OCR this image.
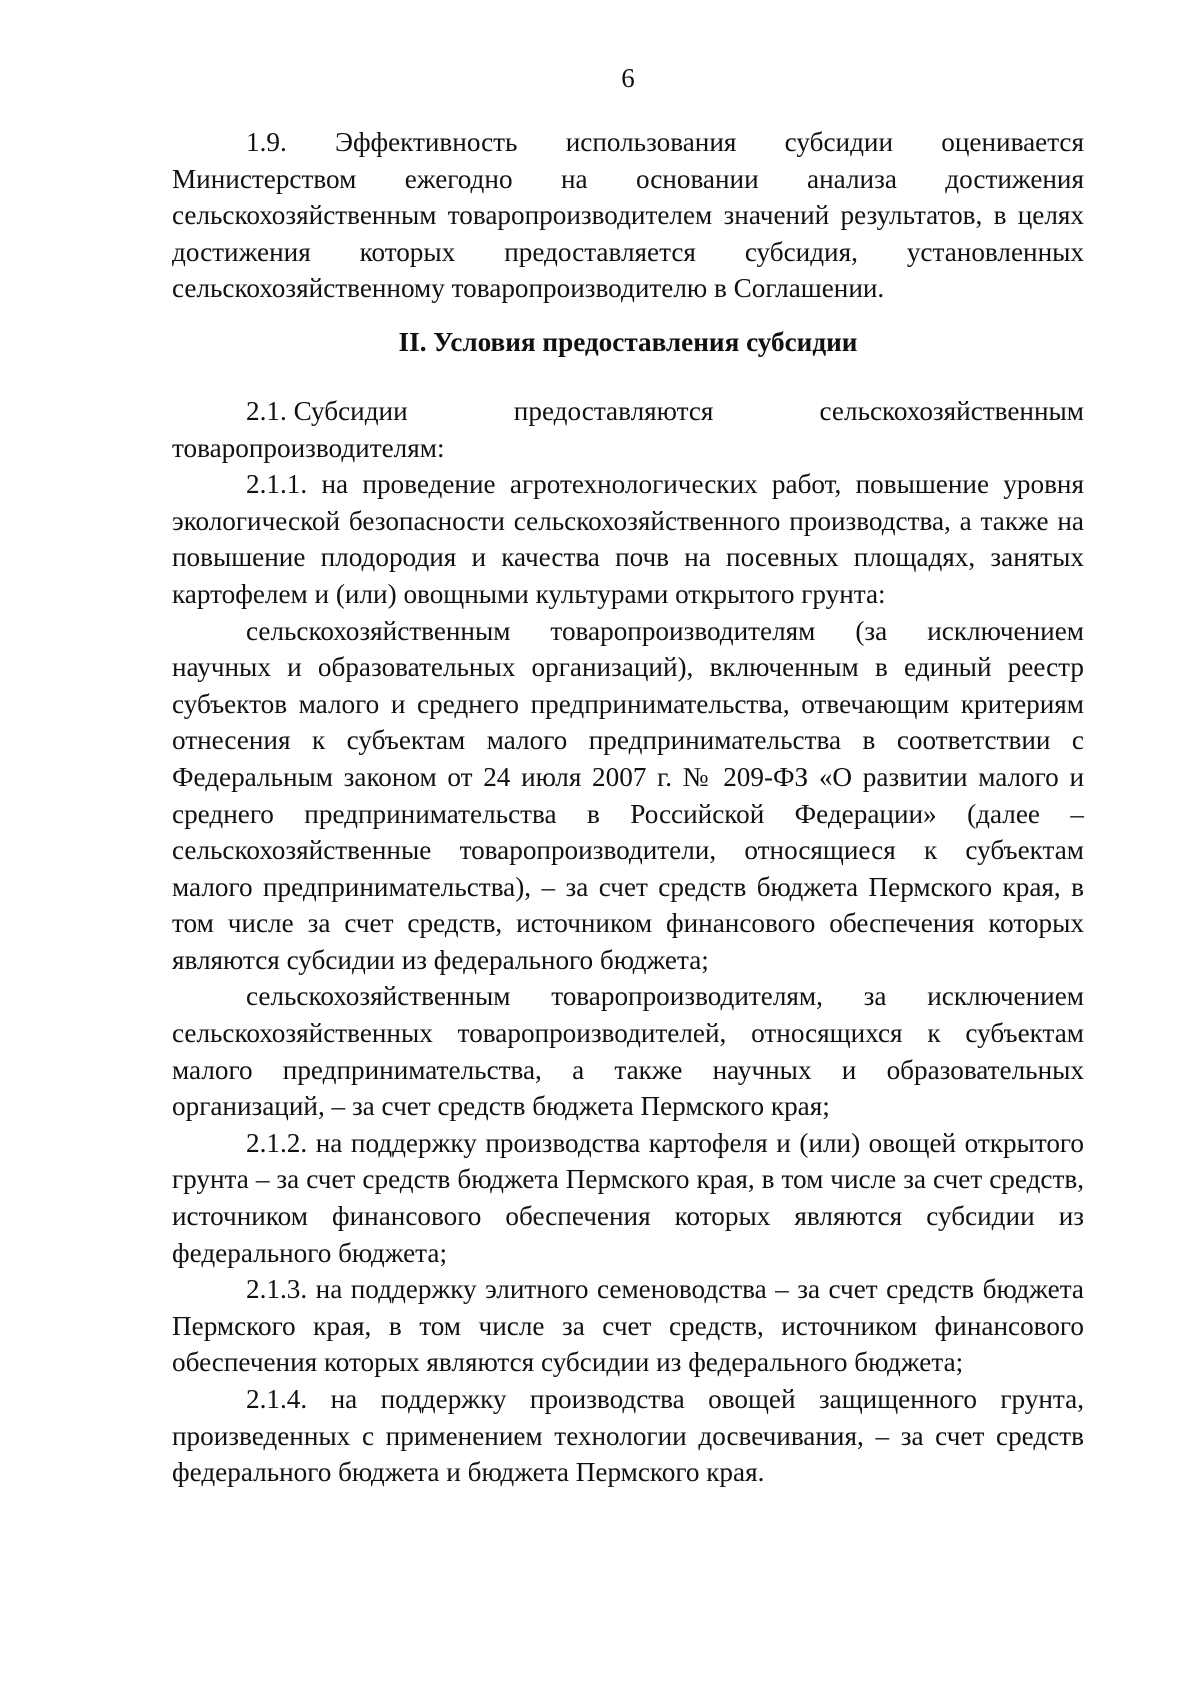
6

1.9. Эффективность использования субсидии оценивается Министерством ежегодно на основании анализа достижения сельскохозяйственным товаропроизводителем значений результатов, в целях достижения которых предоставляется субсидия, установленных сельскохозяйственному товаропроизводителю в Соглашении.

II. Условия предоставления субсидии

2.1. Субсидии	предоставляются	сельскохозяйственным

товаропроизводителям:

2.1.1. на проведение агротехнологических работ, повышение уровня экологической безопасности сельскохозяйственного производства, а также на повышение плодородия и качества почв на посевных площадях, занятых картофелем и (или) овощными культурами открытого грунта:

сельскохозяйственным товаропроизводителям (за исключением научных и образовательных организаций), включенным в единый реестр субъектов малого и среднего предпринимательства, отвечающим критериям отнесения к субъектам малого предпринимательства в соответствии с Федеральным законом от 24 июля 2007 г. № 209-ФЗ «О развитии малого и среднего предпринимательства в Российской Федерации» (далее – сельскохозяйственные товаропроизводители, относящиеся к субъектам малого предпринимательства), – за счет средств бюджета Пермского края, в том числе за счет средств, источником финансового обеспечения которых являются субсидии из федерального бюджета;

сельскохозяйственным товаропроизводителям, за исключением сельскохозяйственных товаропроизводителей, относящихся к субъектам малого предпринимательства, а также научных и образовательных организаций, – за счет средств бюджета Пермского края;

2.1.2. на поддержку производства картофеля и (или) овощей открытого грунта – за счет средств бюджета Пермского края, в том числе за счет средств, источником финансового обеспечения которых являются субсидии из федерального бюджета;

2.1.3. на поддержку элитного семеноводства – за счет средств бюджета Пермского края, в том числе за счет средств, источником финансового обеспечения которых являются субсидии из федерального бюджета;

2.1.4. на поддержку производства овощей защищенного грунта, произведенных с применением технологии досвечивания, – за счет средств федерального бюджета и бюджета Пермского края.
